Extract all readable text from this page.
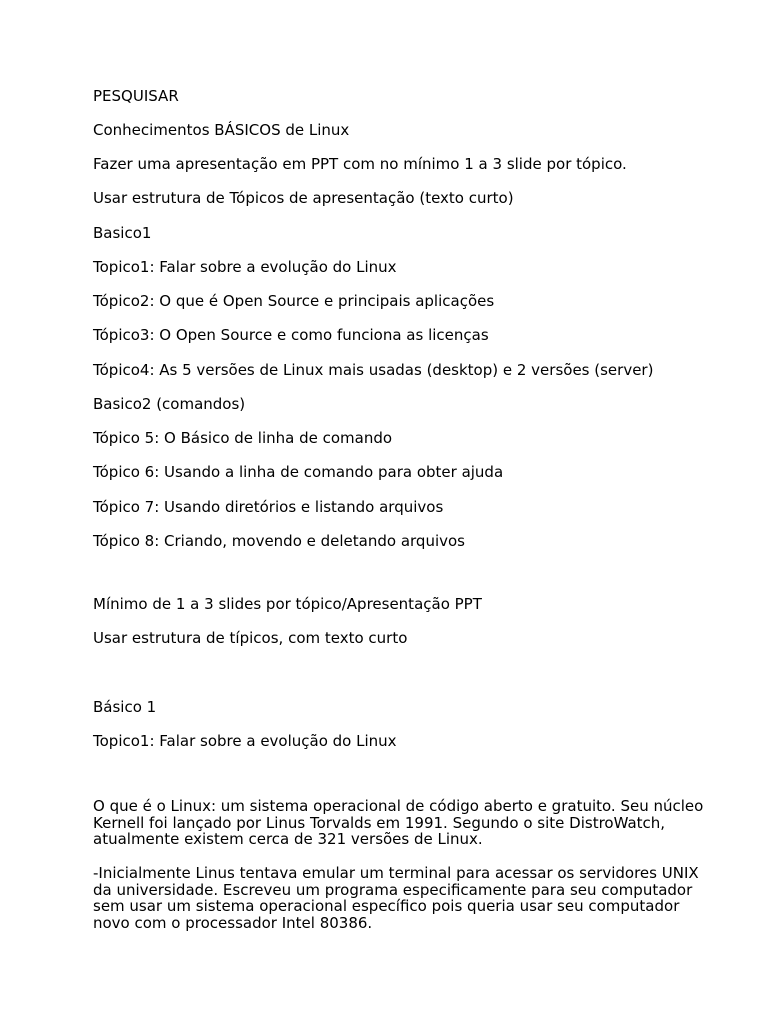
PESQUISAR
Conhecimentos BÁSICOS de Linux
Fazer uma apresentação em PPT com no mínimo 1 a 3 slide por tópico.
Usar estrutura de Tópicos de apresentação (texto curto)
Basico1
Topico1: Falar sobre a evolução do Linux
Tópico2: O que é Open Source e principais aplicações
Tópico3: O Open Source e como funciona as licenças
Tópico4: As 5 versões de Linux mais usadas (desktop) e 2 versões (server)
Basico2 (comandos)
Tópico 5: O Básico de linha de comando
Tópico 6: Usando a linha de comando para obter ajuda
Tópico 7: Usando diretórios e listando arquivos
Tópico 8: Criando, movendo e deletando arquivos
Mínimo de 1 a 3 slides por tópico/Apresentação PPT
Usar estrutura de típicos, com texto curto
Básico 1
Topico1: Falar sobre a evolução do Linux
O que é o Linux: um sistema operacional de código aberto e gratuito. Seu núcleo Kernell foi lançado por Linus Torvalds em 1991. Segundo o site DistroWatch, atualmente existem cerca de 321 versões de Linux.
-Inicialmente Linus tentava emular um terminal para acessar os servidores UNIX da universidade. Escreveu um programa especificamente para seu computador sem usar um sistema operacional específico pois queria usar seu computador novo com o processador Intel 80386.
